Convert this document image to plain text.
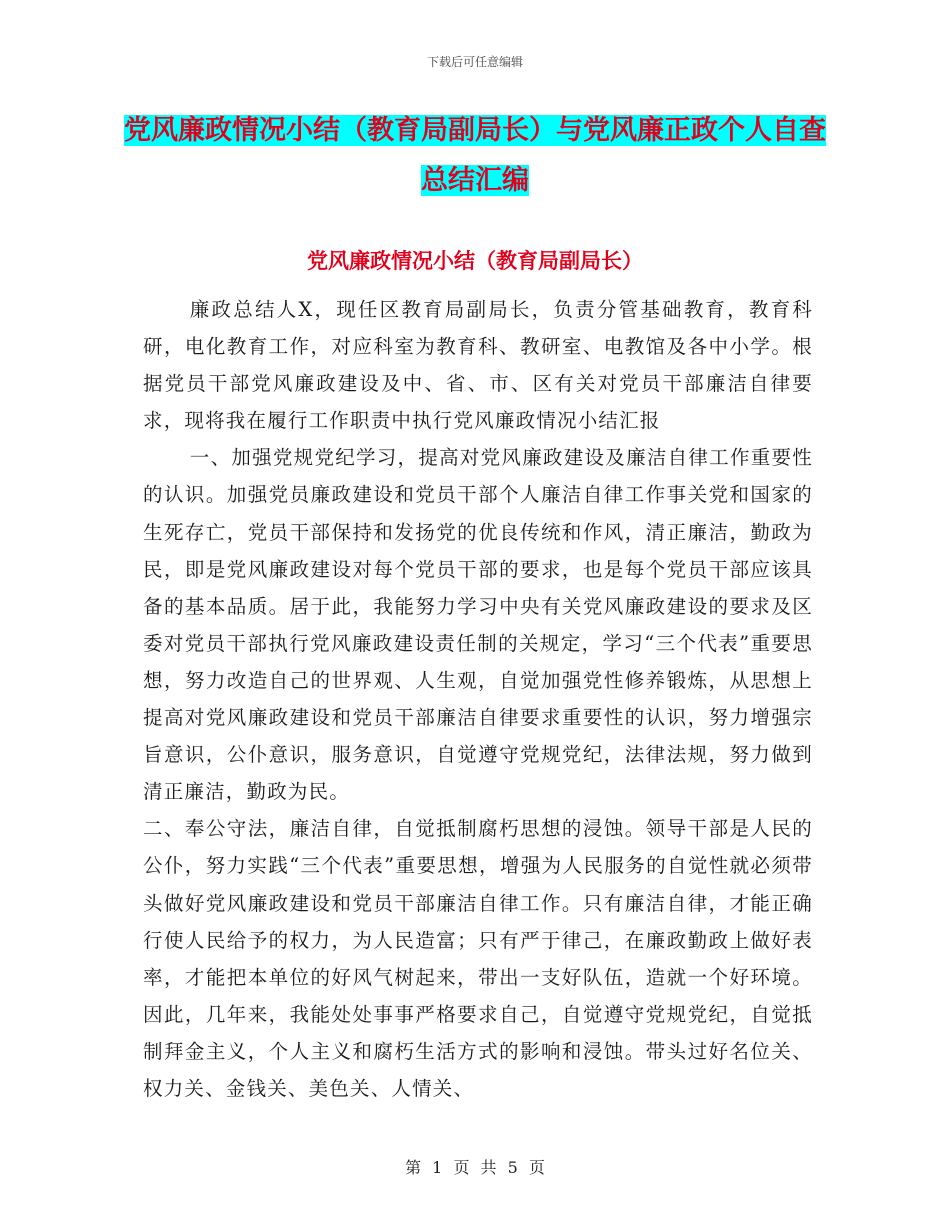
下载后可任意编辑
党风廉政情况小结（教育局副局长）与党风廉正政个人自查总结汇编
党风廉政情况小结（教育局副局长）

廉政总结人X，现任区教育局副局长，负责分管基础教育，教育科研，电化教育工作，对应科室为教育科、教研室、电教馆及各中小学。根据党员干部党风廉政建设及中、省、市、区有关对党员干部廉洁自律要求，现将我在履行工作职责中执行党风廉政情况小结汇报

一、加强党规党纪学习，提高对党风廉政建设及廉洁自律工作重要性的认识。加强党员廉政建设和党员干部个人廉洁自律工作事关党和国家的生死存亡，党员干部保持和发扬党的优良传统和作风，清正廉洁，勤政为民，即是党风廉政建设对每个党员干部的要求，也是每个党员干部应该具备的基本品质。居于此，我能努力学习中央有关党风廉政建设的要求及区委对党员干部执行党风廉政建设责任制的关规定，学习“三个代表”重要思想，努力改造自己的世界观、人生观，自觉加强党性修养锻炼，从思想上提高对党风廉政建设和党员干部廉洁自律要求重要性的认识，努力增强宗旨意识，公仆意识，服务意识，自觉遵守党规党纪，法律法规，努力做到清正廉洁，勤政为民。

二、奉公守法，廉洁自律，自觉抵制腐朽思想的浸蚀。领导干部是人民的公仆，努力实践“三个代表”重要思想，增强为人民服务的自觉性就必须带头做好党风廉政建设和党员干部廉洁自律工作。只有廉洁自律，才能正确行使人民给予的权力，为人民造富；只有严于律己，在廉政勤政上做好表率，才能把本单位的好风气树起来，带出一支好队伍，造就一个好环境。因此，几年来，我能处处事事严格要求自己，自觉遵守党规党纪，自觉抵制拜金主义，个人主义和腐朽生活方式的影响和浸蚀。带头过好名位关、权力关、金钱关、美色关、人情关、

第 1 页 共 5 页
